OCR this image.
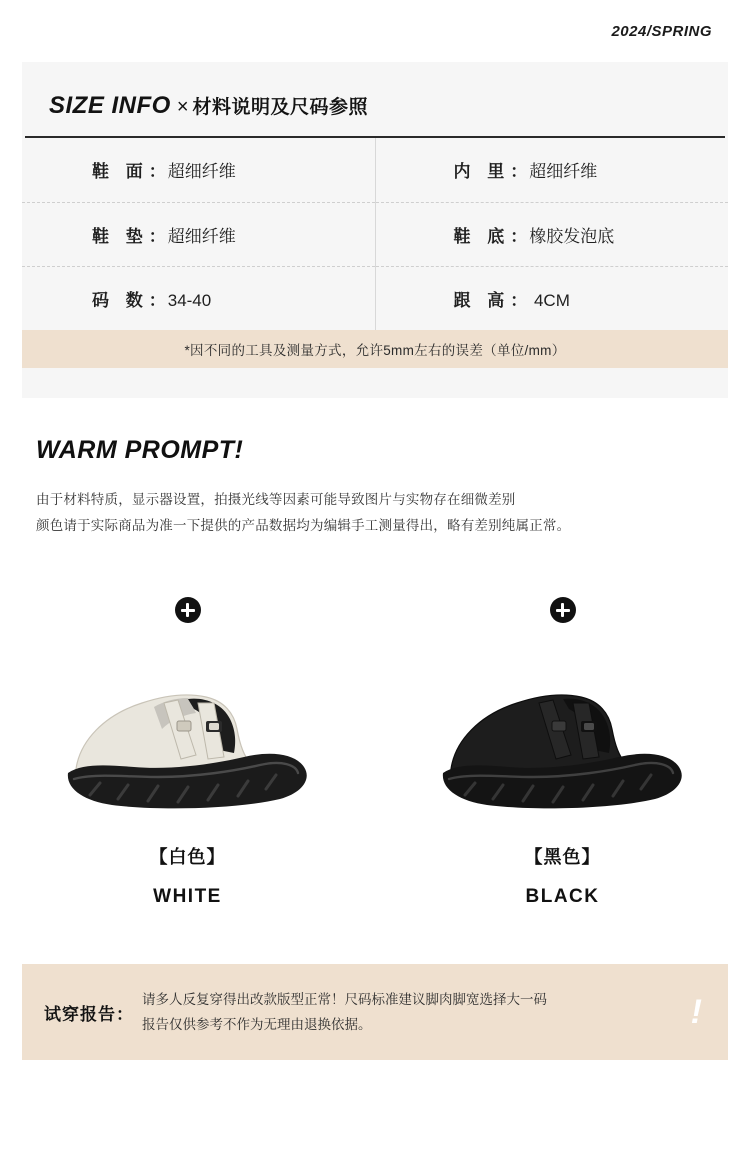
2024/SPRING
SIZE INFO × 材料说明及尺码参照
鞋 面： 超细纤维	内 里： 超细纤维
鞋 垫： 超细纤维	鞋 底： 橡胶发泡底
码 数： 34-40	跟 高： 4CM
*因不同的工具及测量方式，允许5mm左右的误差（单位/mm）
WARM PROMPT!
由于材料特质，显示器设置，拍摄光线等因素可能导致图片与实物存在细微差别
颜色请于实际商品为准一下提供的产品数据均为编辑手工测量得出，略有差别纯属正常。
【白色】
WHITE
【黑色】
BLACK
试穿报告：
请多人反复穿得出改款版型正常！尺码标准建议脚肉脚宽选择大一码
报告仅供参考不作为无理由退换依据。	!
